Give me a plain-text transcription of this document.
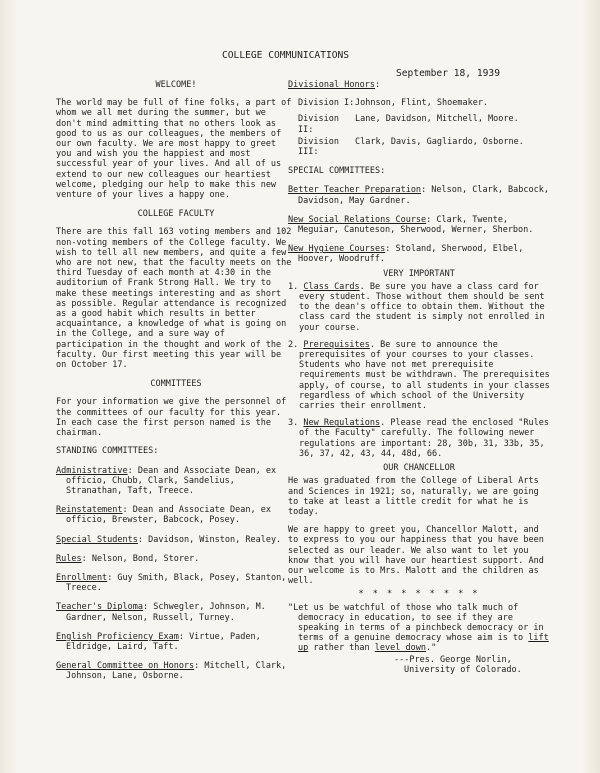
COLLEGE COMMUNICATIONS
September 18, 1939
WELCOME!

The world may be full of fine folks, a part of whom we all met during the summer, but we don't mind admitting that no others look as good to us as our colleagues, the members of our own faculty. We are most happy to greet you and wish you the happiest and most successful year of your lives. And all of us extend to our new colleagues our heartiest welcome, pledging our help to make this new venture of your lives a happy one.

COLLEGE FACULTY

There are this fall 163 voting members and 102 non-voting members of the College faculty. We wish to tell all new members, and quite a few who are not new, that the faculty meets on the third Tuesday of each month at 4:30 in the auditorium of Frank Strong Hall. We try to make these meetings interesting and as short as possible. Regular attendance is recognized as a good habit which results in better acquaintance, a knowledge of what is going on in the College, and a sure way of participation in the thought and work of the faculty. Our first meeting this year will be on October 17.

COMMITTEES

For your information we give the personnel of the committees of our faculty for this year. In each case the first person named is the chairman.

STANDING COMMITTEES:
Administrative: Dean and Associate Dean, ex officio, Chubb, Clark, Sandelius, Stranathan, Taft, Treece.
Reinstatement: Dean and Associate Dean, ex officio, Brewster, Babcock, Posey.
Special Students: Davidson, Winston, Realey.
Rules: Nelson, Bond, Storer.
Enrollment: Guy Smith, Black, Posey, Stanton, Treece.
Teacher's Diploma: Schwegler, Johnson, M. Gardner, Nelson, Russell, Turney.
English Proficiency Exam: Virtue, Paden, Eldridge, Laird, Taft.
General Committee on Honors: Mitchell, Clark, Johnson, Lane, Osborne.
Divisional Honors:
Division I: Johnson, Flint, Shoemaker.
Division II:
Lane, Davidson, Mitchell, Moore.
Division III:
Clark, Davis, Gagliardo, Osborne.
SPECIAL COMMITTEES:
Better Teacher Preparation: Nelson, Clark, Babcock, Davidson, May Gardner.
New Social Relations Course: Clark, Twente, Meguiar, Canuteson, Sherwood, Werner, Sherbon.
New Hygiene Courses: Stoland, Sherwood, Elbel, Hoover, Woodruff.
VERY IMPORTANT
1. Class Cards. Be sure you have a class card for every student. Those without them should be sent to the dean's office to obtain them. Without the class card the student is simply not enrolled in your course.
2. Prerequisites. Be sure to announce the prerequisites of your courses to your classes. Students who have not met prerequisite requirements must be withdrawn. The prerequisites apply, of course, to all students in your classes regardless of which school of the University carries their enrollment.
3. New Regulations. Please read the enclosed "Rules of the Faculty" carefully. The following newer regulations are important: 28, 30b, 31, 33b, 35, 36, 37, 42, 43, 44, 48d, 66.
OUR CHANCELLOR

He was graduated from the College of Liberal Arts and Sciences in 1921; so, naturally, we are going to take at least a little credit for what he is today.

We are happy to greet you, Chancellor Malott, and to express to you our happiness that you have been selected as our leader. We also want to let you know that you will have our heartiest support. And our welcome is to Mrs. Malott and the children as well.

* * * * * * * * *

"Let us be watchful of those who talk much of democracy in education, to see if they are speaking in terms of a pinchbeck democracy or in terms of a genuine democracy whose aim is to lift up rather than level down."

---Pres. George Norlin, University of Colorado.
